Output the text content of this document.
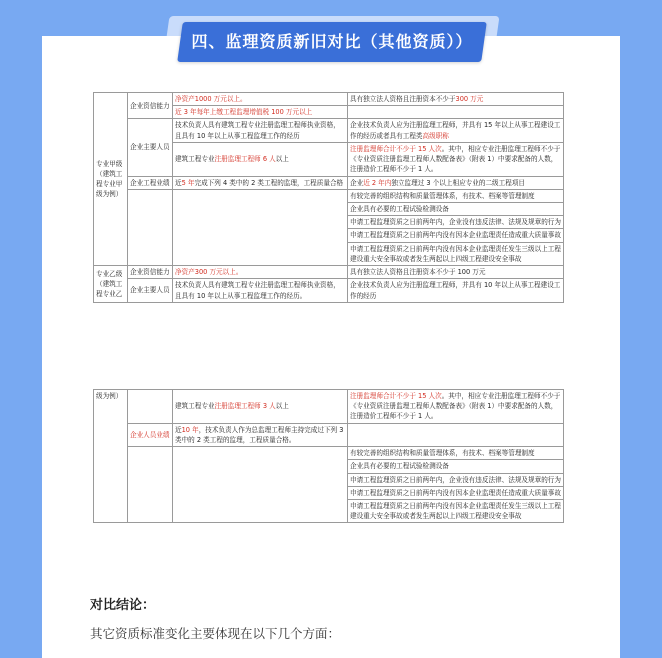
四、监理资质新旧对比（其他资质））
专业甲级（建筑工程专业甲级为例）	企业资信能力	净资产1000 万元以上。	具有独立法人资格且注册资本不少于300 万元
		近 3 年每年上缴工程监理增值税 100 万元以上	
	企业主要人员	技术负责人具有建筑工程专业注册监理工程师执业资格，且具有 10 年以上从事工程监理工作的经历	企业技术负责人应为注册监理工程师，并具有 15 年以上从事工程建设工作的经历或者具有工程类高级职称
		建筑工程专业注册监理工程师 6 人以上	注册监理师合计不少于 15 人次。其中，相应专业注册监理工程师不少于《专业资质注册监理工程师人数配备表》（附表 1）中要求配备的人数，注册造价工程师不少于 1 人。
	企业工程业绩	近5 年完成下列 4 类中的 2 类工程的监理，工程质量合格	企业近 2 年内独立监理过 3 个以上相应专业的二级工程项目
			有较完善的组织结构和质量管理体系，有技术、档案等管理制度
			企业具有必要的工程试验检测设备
			申请工程监理资质之日前两年内，企业没有违反法律、法规及规章的行为
			申请工程监理资质之日前两年内没有因本企业监理责任造成重大质量事故
			申请工程监理资质之日前两年内没有因本企业监理责任发生三级以上工程建设重大安全事故或者发生两起以上四级工程建设安全事故
专业乙级（建筑工程专业乙	企业资信能力	净资产300 万元以上。	具有独立法人资格且注册资本不少于 100 万元
	企业主要人员	技术负责人具有建筑工程专业注册监理工程师执业资格，且具有 10 年以上从事工程监理工作的经历。	企业技术负责人应为注册监理工程师，并具有 10 年以上从事工程建设工作的经历
级为例）		建筑工程专业注册监理工程师 3 人以上	注册监理师合计不少于 15 人次。其中，相应专业注册监理工程师不少于《专业资质注册监理工程师人数配备表》（附表 1）中要求配备的人数，注册造价工程师不少于 1 人。
	企业人员业绩	近10 年，技术负责人作为总监理工程师主持完成过下列 3 类中的 2 类工程的监理，工程质量合格。	
			有较完善的组织结构和质量管理体系，有技术、档案等管理制度
			企业具有必要的工程试验检测设备
			申请工程监理资质之日前两年内，企业没有违反法律、法规及规章的行为
			申请工程监理资质之日前两年内没有因本企业监理责任造成重大质量事故
			申请工程监理资质之日前两年内没有因本企业监理责任发生三级以上工程建设重大安全事故或者发生两起以上四级工程建设安全事故
对比结论：
其它资质标准变化主要体现在以下几个方面：
